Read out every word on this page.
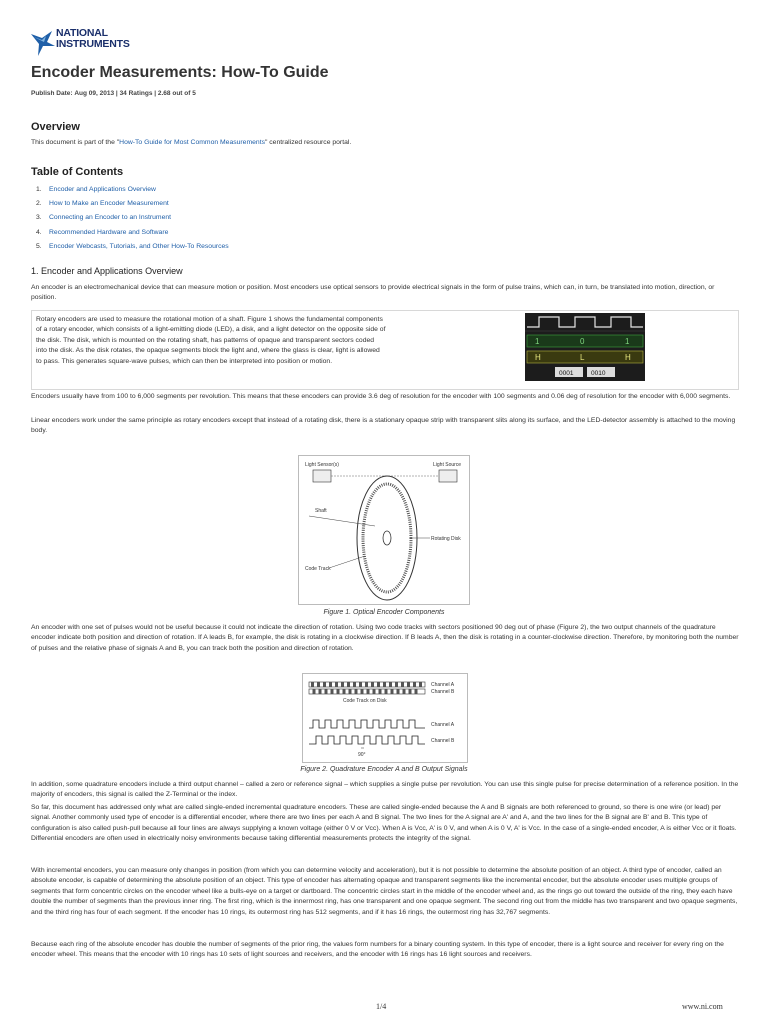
NATIONAL
INSTRUMENTS
Encoder Measurements: How-To Guide
Publish Date: Aug 09, 2013 | 34 Ratings | 2.68 out of 5
Overview
This document is part of the "How-To Guide for Most Common Measurements" centralized resource portal.
Table of Contents
1. Encoder and Applications Overview
2. How to Make an Encoder Measurement
3. Connecting an Encoder to an Instrument
4. Recommended Hardware and Software
5. Encoder Webcasts, Tutorials, and Other How-To Resources
1. Encoder and Applications Overview
An encoder is an electromechanical device that can measure motion or position. Most encoders use optical sensors to provide electrical signals in the form of pulse trains, which can, in turn, be translated into motion, direction, or position.
Rotary encoders are used to measure the rotational motion of a shaft. Figure 1 shows the fundamental components of a rotary encoder, which consists of a light-emitting diode (LED), a disk, and a light detector on the opposite side of the disk. The disk, which is mounted on the rotating shaft, has patterns of opaque and transparent sectors coded into the disk. As the disk rotates, the opaque segments block the light and, where the glass is clear, light is allowed to pass. This generates square-wave pulses, which can then be interpreted into position or motion.
1	0	1
H	L	H
0001	0010
Encoders usually have from 100 to 6,000 segments per revolution. This means that these encoders can provide 3.6 deg of resolution for the encoder with 100 segments and 0.06 deg of resolution for the encoder with 6,000 segments.
Linear encoders work under the same principle as rotary encoders except that instead of a rotating disk, there is a stationary opaque strip with transparent slits along its surface, and the LED-detector assembly is attached to the moving body.
Light Sensor(s)	Light Source
Shaft
Rotating Disk
Code Track
Figure 1. Optical Encoder Components
An encoder with one set of pulses would not be useful because it could not indicate the direction of rotation. Using two code tracks with sectors positioned 90 deg out of phase (Figure 2), the two output channels of the quadrature encoder indicate both position and direction of rotation. If A leads B, for example, the disk is rotating in a clockwise direction. If B leads A, then the disk is rotating in a counter-clockwise direction. Therefore, by monitoring both the number of pulses and the relative phase of signals A and B, you can track both the position and direction of rotation.
Channel A
Channel B
Code Track on Disk
Channel A
Channel B
90°
Figure 2. Quadrature Encoder A and B Output Signals
In addition, some quadrature encoders include a third output channel – called a zero or reference signal – which supplies a single pulse per revolution. You can use this single pulse for precise determination of a reference position. In the majority of encoders, this signal is called the Z-Terminal or the index.
So far, this document has addressed only what are called single-ended incremental quadrature encoders. These are called single-ended because the A and B signals are both referenced to ground, so there is one wire (or lead) per signal. Another commonly used type of encoder is a differential encoder, where there are two lines per each A and B signal. The two lines for the A signal are A' and A, and the two lines for the B signal are B' and B. This type of configuration is also called push-pull because all four lines are always supplying a known voltage (either 0 V or Vcc). When A is Vcc, A' is 0 V, and when A is 0 V, A' is Vcc. In the case of a single-ended encoder, A is either Vcc or it floats. Differential encoders are often used in electrically noisy environments because taking differential measurements protects the integrity of the signal.
With incremental encoders, you can measure only changes in position (from which you can determine velocity and acceleration), but it is not possible to determine the absolute position of an object. A third type of encoder, called an absolute encoder, is capable of determining the absolute position of an object. This type of encoder has alternating opaque and transparent segments like the incremental encoder, but the absolute encoder uses multiple groups of segments that form concentric circles on the encoder wheel like a bulls-eye on a target or dartboard. The concentric circles start in the middle of the encoder wheel and, as the rings go out toward the outside of the ring, they each have double the number of segments than the previous inner ring. The first ring, which is the innermost ring, has one transparent and one opaque segment. The second ring out from the middle has two transparent and two opaque segments, and the third ring has four of each segment. If the encoder has 10 rings, its outermost ring has 512 segments, and if it has 16 rings, the outermost ring has 32,767 segments.
Because each ring of the absolute encoder has double the number of segments of the prior ring, the values form numbers for a binary counting system. In this type of encoder, there is a light source and receiver for every ring on the encoder wheel. This means that the encoder with 10 rings has 10 sets of light sources and receivers, and the encoder with 16 rings has 16 light sources and receivers.
1/4	www.ni.com
